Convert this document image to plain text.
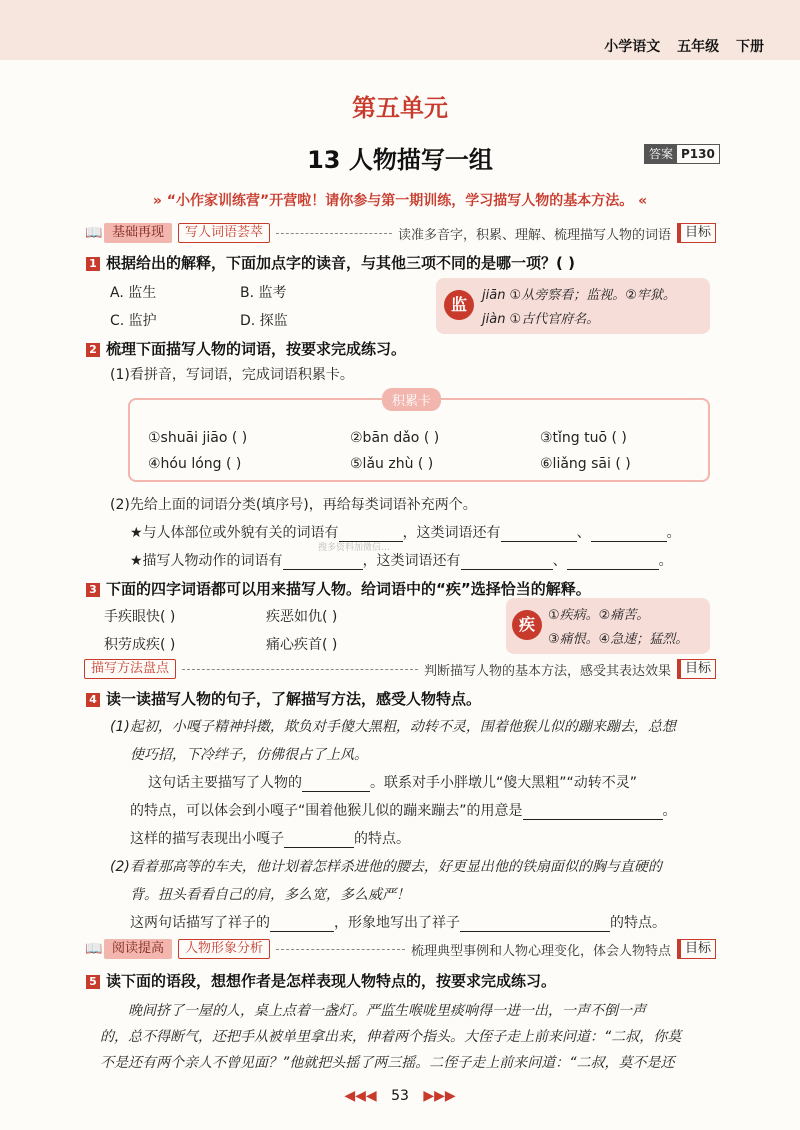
小学语文 五年级 下册
第五单元
13 人物描写一组	答案 P130
» “小作家训练营”开营啦！请你参与第一期训练，学习描写人物的基本方法。 «
📖 基础再现	写人词语荟萃	读准多音字，积累、理解、梳理描写人物的词语	目标
1 根据给出的解释，下面加点字的读音，与其他三项不同的是哪一项？( )
A. 监生	B. 监考
C. 监护	D. 探监
监	jiān ①从旁察看；监视。②牢狱。
jiàn ①古代官府名。
2 梳理下面描写人物的词语，按要求完成练习。
(1)看拼音，写词语，完成词语积累卡。
积累卡
①shuāi jiāo ( )	②bān dǎo ( )	③tǐng tuō ( )
④hóu lóng ( )	⑤lǎu zhù ( )	⑥liǎng sāi ( )
(2)先给上面的词语分类(填序号)，再给每类词语补充两个。
★与人体部位或外貌有关的词语有	，这类词语还有	、	。
搜多资料加微信…
★描写人物动作的词语有	，这类词语还有	、	。
3 下面的四字词语都可以用来描写人物。给词语中的“疾”选择恰当的解释。
手疾眼快( )	疾恶如仇( )
积劳成疾( )	痛心疾首( )
疾	①疾病。②痛苦。
③痛恨。④急速；猛烈。
描写方法盘点	判断描写人物的基本方法，感受其表达效果	目标
4 读一读描写人物的句子，了解描写方法，感受人物特点。
(1)起初，小嘎子精神抖擞，欺负对手傻大黑粗，动转不灵，围着他猴儿似的蹦来蹦去，总想
使巧招，下冷绊子，仿佛很占了上风。
这句话主要描写了人物的	。联系对手小胖墩儿“傻大黑粗”“动转不灵”
的特点，可以体会到小嘎子“围着他猴儿似的蹦来蹦去”的用意是	。
这样的描写表现出小嘎子	的特点。
(2)看着那高等的车夫，他计划着怎样杀进他的腰去，好更显出他的铁扇面似的胸与直硬的
背。扭头看看自己的肩，多么宽，多么威严！
这两句话描写了祥子的	，形象地写出了祥子	的特点。
📖 阅读提高	人物形象分析	梳理典型事例和人物心理变化，体会人物特点	目标
5 读下面的语段，想想作者是怎样表现人物特点的，按要求完成练习。
晚间挤了一屋的人，桌上点着一盏灯。严监生喉咙里痰响得一进一出，一声不倒一声
的，总不得断气，还把手从被单里拿出来，伸着两个指头。大侄子走上前来问道：“二叔，你莫
不是还有两个亲人不曾见面？”他就把头摇了两三摇。二侄子走上前来问道：“二叔，莫不是还
◀◀◀ 53 ▶▶▶
